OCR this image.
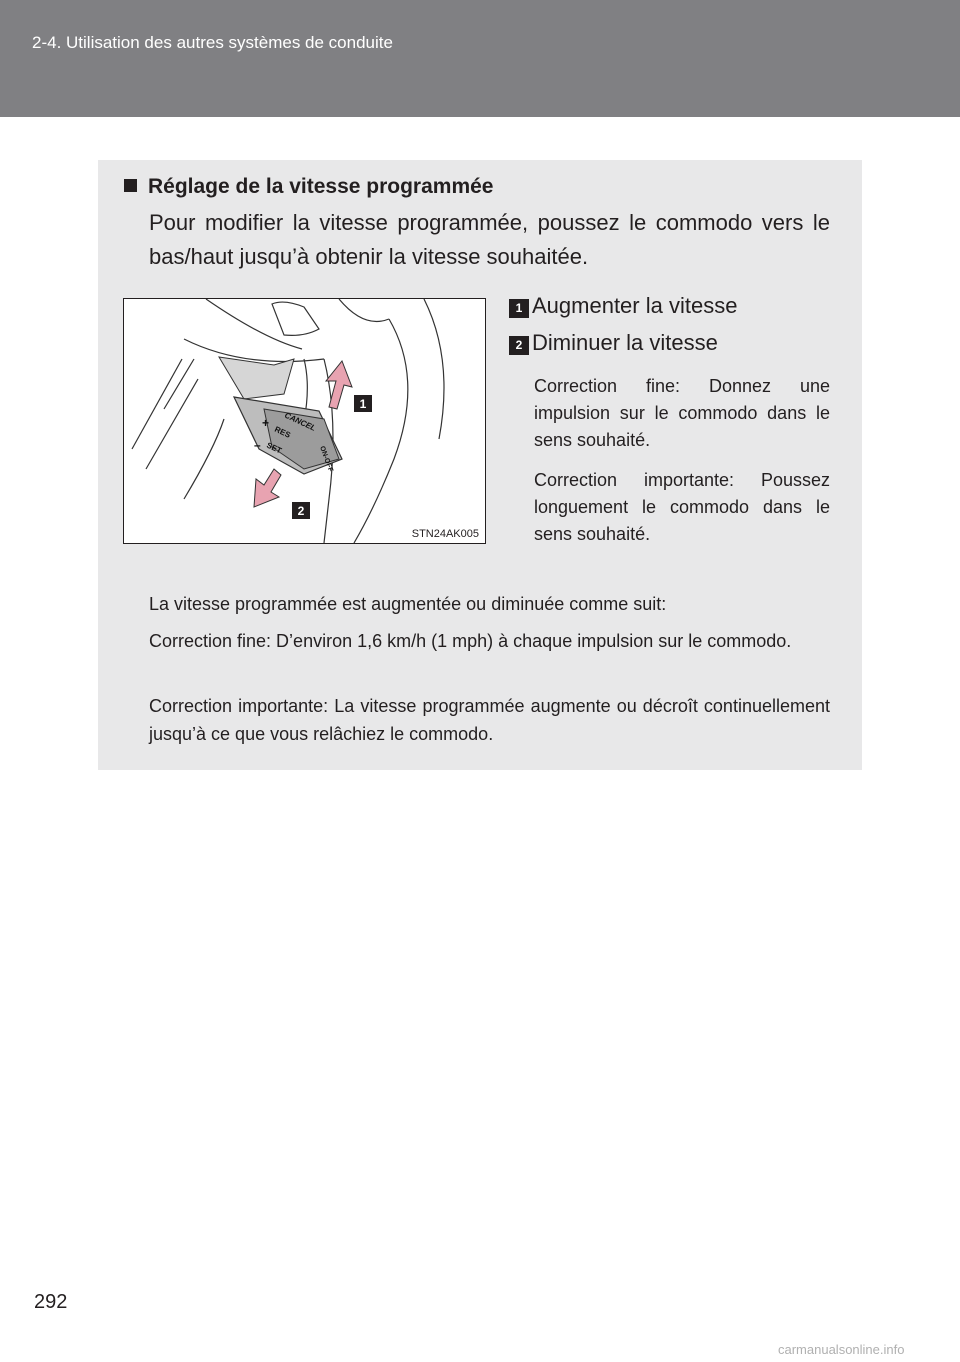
2-4. Utilisation des autres systèmes de conduite
Réglage de la vitesse programmée
Pour modifier la vitesse programmée, poussez le commodo vers le bas/haut jusqu’à obtenir la vitesse souhaitée.
CANCEL
RES
SET	ON-OFF
+
–
1
2
STN24AK005
1 Augmenter la vitesse
2 Diminuer la vitesse
Correction fine: Donnez une impulsion sur le commodo dans le sens souhaité.
Correction importante: Poussez longuement le commodo dans le sens souhaité.
La vitesse programmée est augmentée ou diminuée comme suit:
Correction fine: D’environ 1,6 km/h (1 mph) à chaque impulsion sur le commodo.
Correction importante: La vitesse programmée augmente ou décroît continuellement jusqu’à ce que vous relâchiez le commodo.
292
carmanualsonline.info
